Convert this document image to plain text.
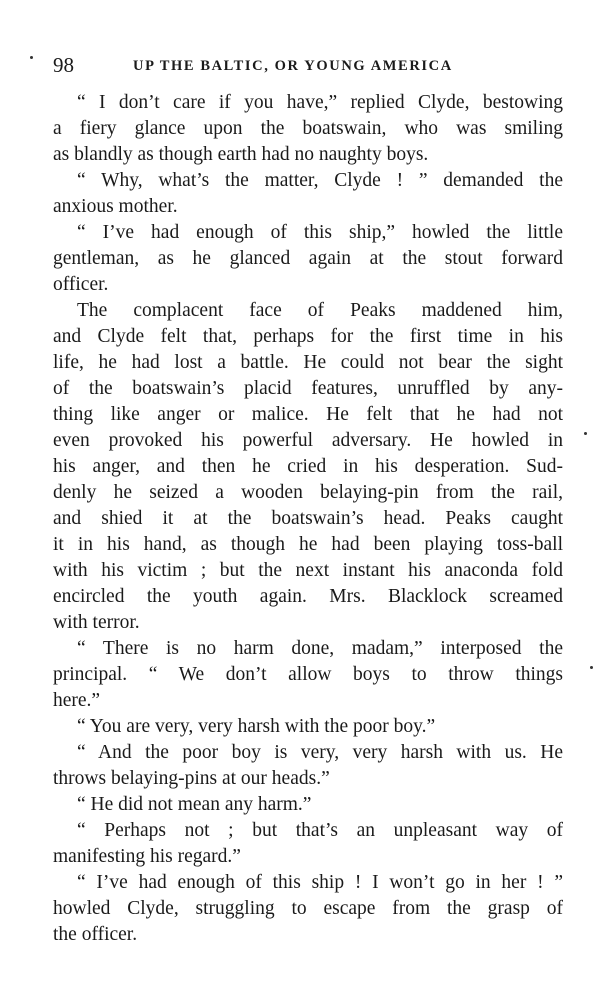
98	UP THE BALTIC, OR YOUNG AMERICA
“ I don’t care if you have,” replied Clyde, bestowing
a fiery glance upon the boatswain, who was smiling
as blandly as though earth had no naughty boys.
“ Why, what’s the matter, Clyde ! ” demanded the
anxious mother.
“ I’ve had enough of this ship,” howled the little
gentleman, as he glanced again at the stout forward
officer.
The complacent face of Peaks maddened him,
and Clyde felt that, perhaps for the first time in his
life, he had lost a battle. He could not bear the sight
of the boatswain’s placid features, unruffled by any-
thing like anger or malice. He felt that he had not
even provoked his powerful adversary. He howled in
his anger, and then he cried in his desperation. Sud-
denly he seized a wooden belaying-pin from the rail,
and shied it at the boatswain’s head. Peaks caught
it in his hand, as though he had been playing toss-ball
with his victim ; but the next instant his anaconda fold
encircled the youth again. Mrs. Blacklock screamed
with terror.
“ There is no harm done, madam,” interposed the
principal. “ We don’t allow boys to throw things
here.”
“ You are very, very harsh with the poor boy.”
“ And the poor boy is very, very harsh with us. He
throws belaying-pins at our heads.”
“ He did not mean any harm.”
“ Perhaps not ; but that’s an unpleasant way of
manifesting his regard.”
“ I’ve had enough of this ship ! I won’t go in her ! ”
howled Clyde, struggling to escape from the grasp of
the officer.
